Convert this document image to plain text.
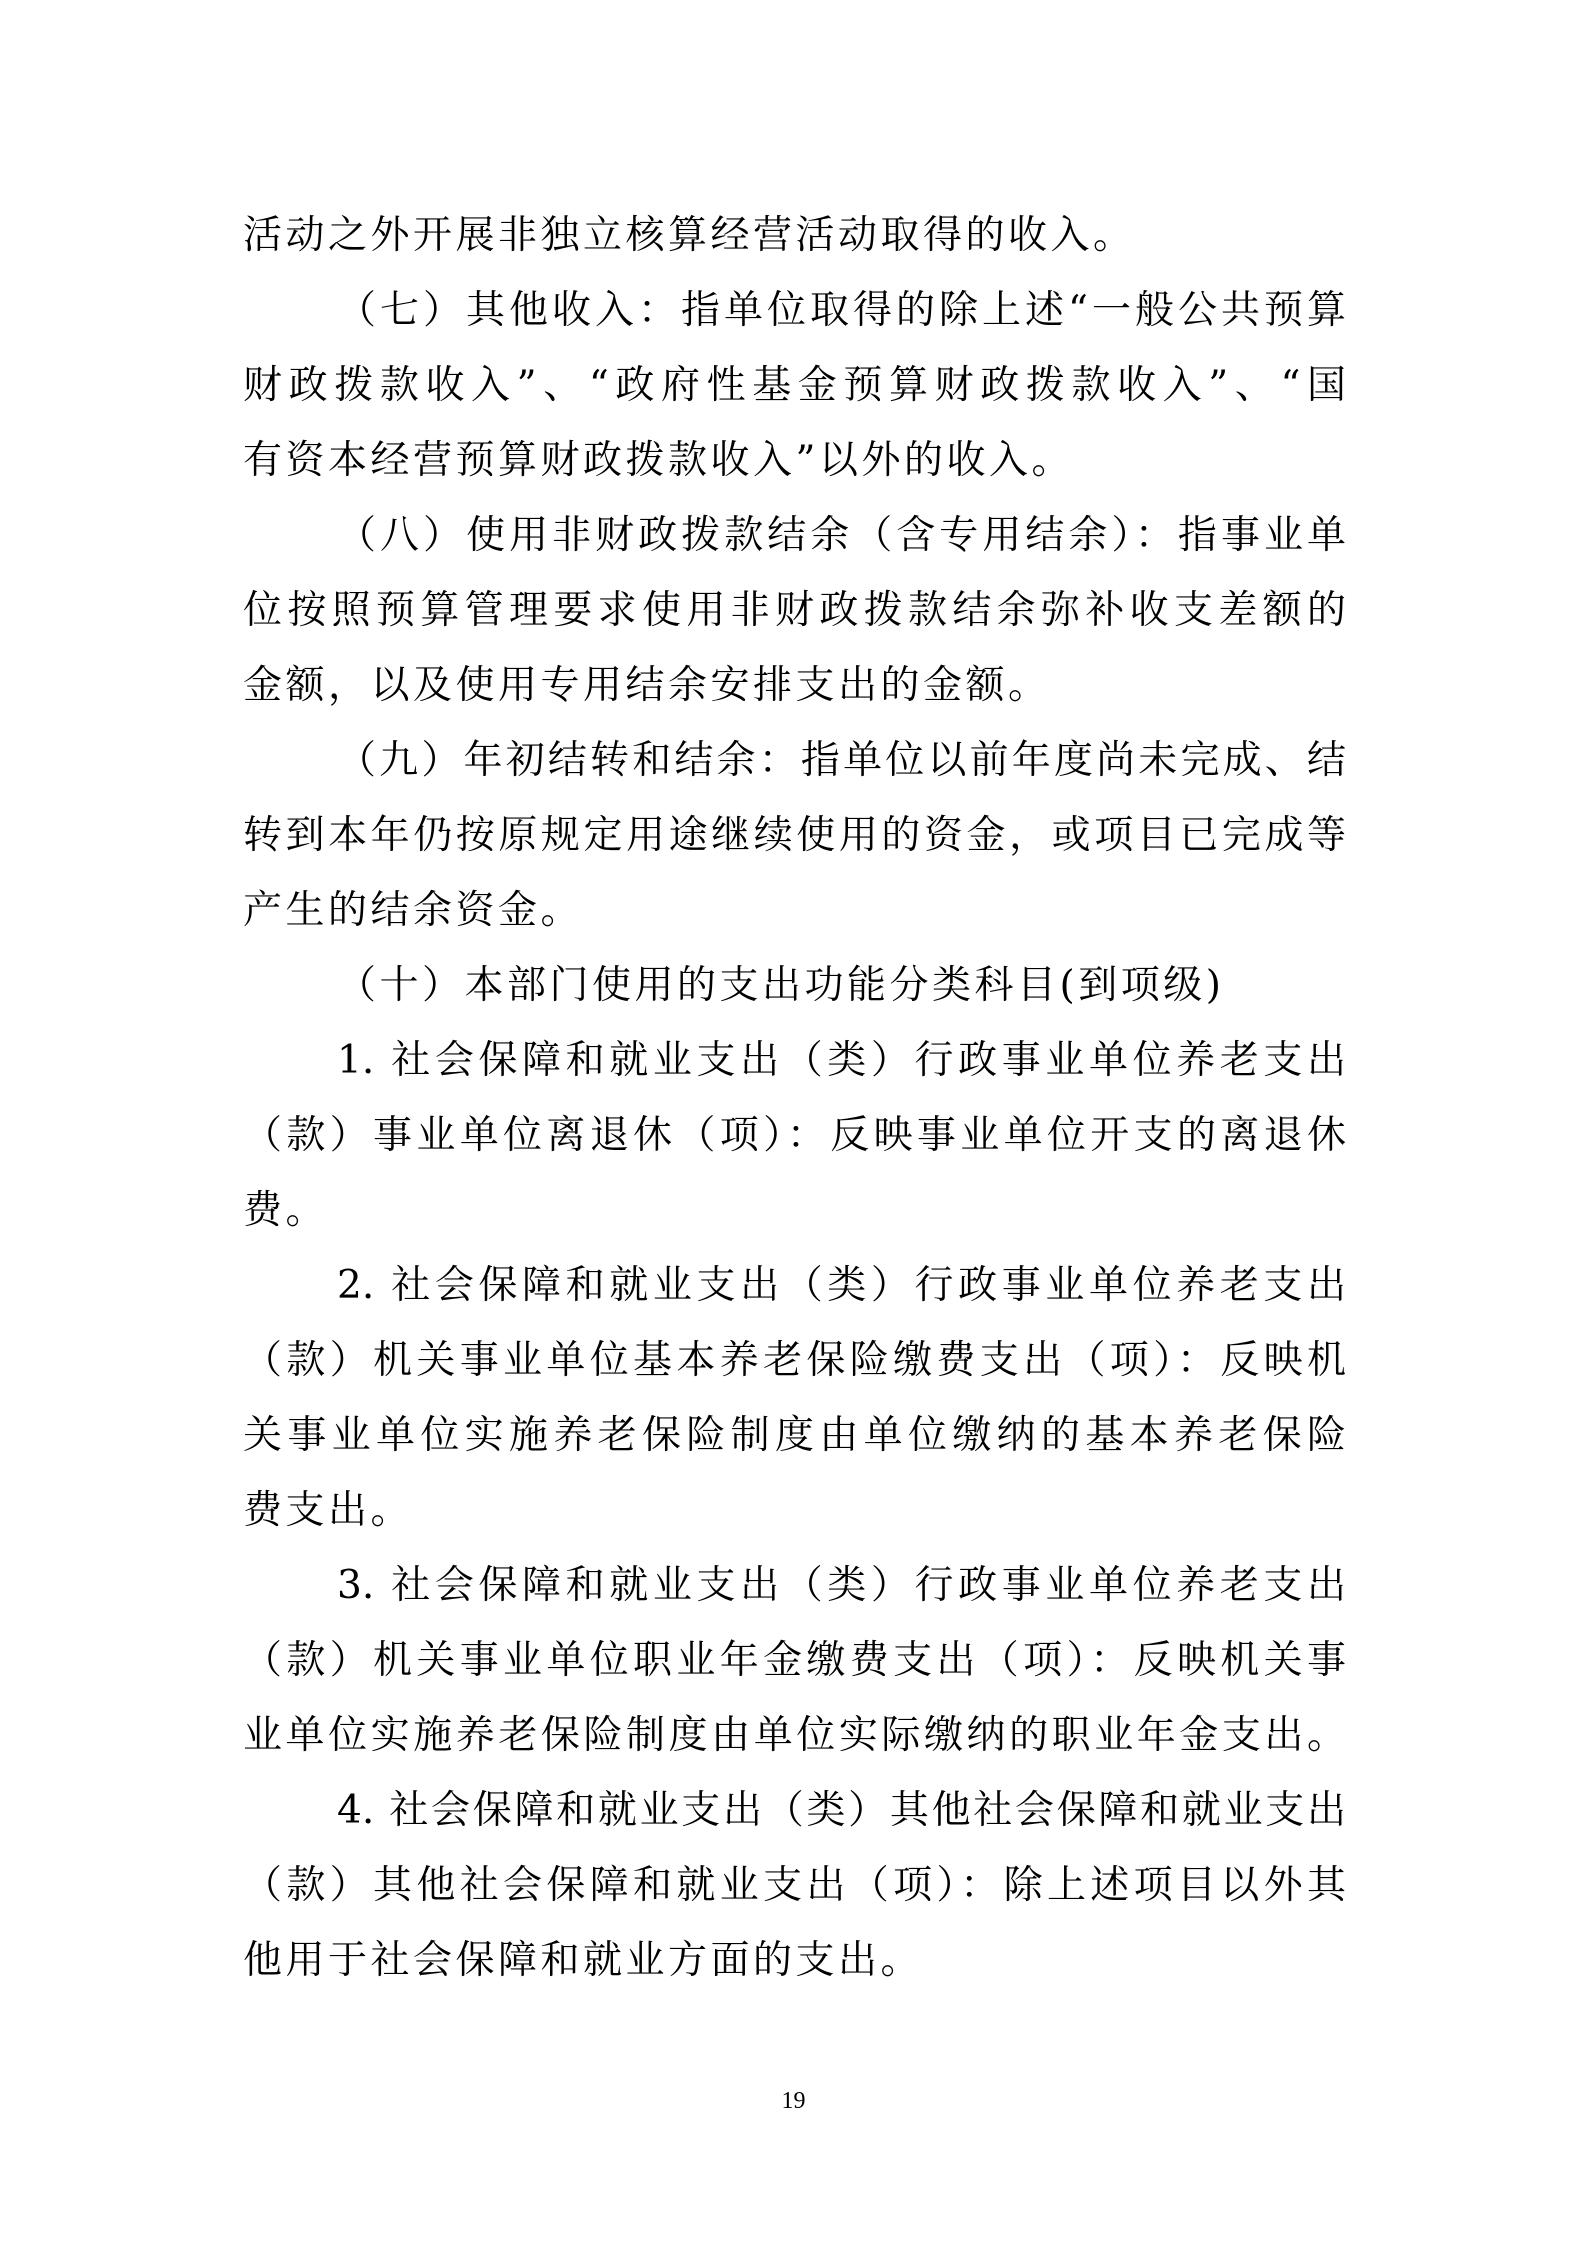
活动之外开展非独立核算经营活动取得的收入。
（七）其他收入：指单位取得的除上述“一般公共预算
财政拨款收入”、“政府性基金预算财政拨款收入”、“国
有资本经营预算财政拨款收入”以外的收入。
（八）使用非财政拨款结余（含专用结余）：指事业单
位按照预算管理要求使用非财政拨款结余弥补收支差额的
金额，以及使用专用结余安排支出的金额。
（九）年初结转和结余：指单位以前年度尚未完成、结
转到本年仍按原规定用途继续使用的资金，或项目已完成等
产生的结余资金。
（十）本部门使用的支出功能分类科目(到项级)
1. 社会保障和就业支出（类）行政事业单位养老支出
（款）事业单位离退休（项）：反映事业单位开支的离退休
费。
2. 社会保障和就业支出（类）行政事业单位养老支出
（款）机关事业单位基本养老保险缴费支出（项）：反映机
关事业单位实施养老保险制度由单位缴纳的基本养老保险
费支出。
3. 社会保障和就业支出（类）行政事业单位养老支出
（款）机关事业单位职业年金缴费支出（项）：反映机关事
业单位实施养老保险制度由单位实际缴纳的职业年金支出。
4. 社会保障和就业支出（类）其他社会保障和就业支出
（款）其他社会保障和就业支出（项）：除上述项目以外其
他用于社会保障和就业方面的支出。
19
